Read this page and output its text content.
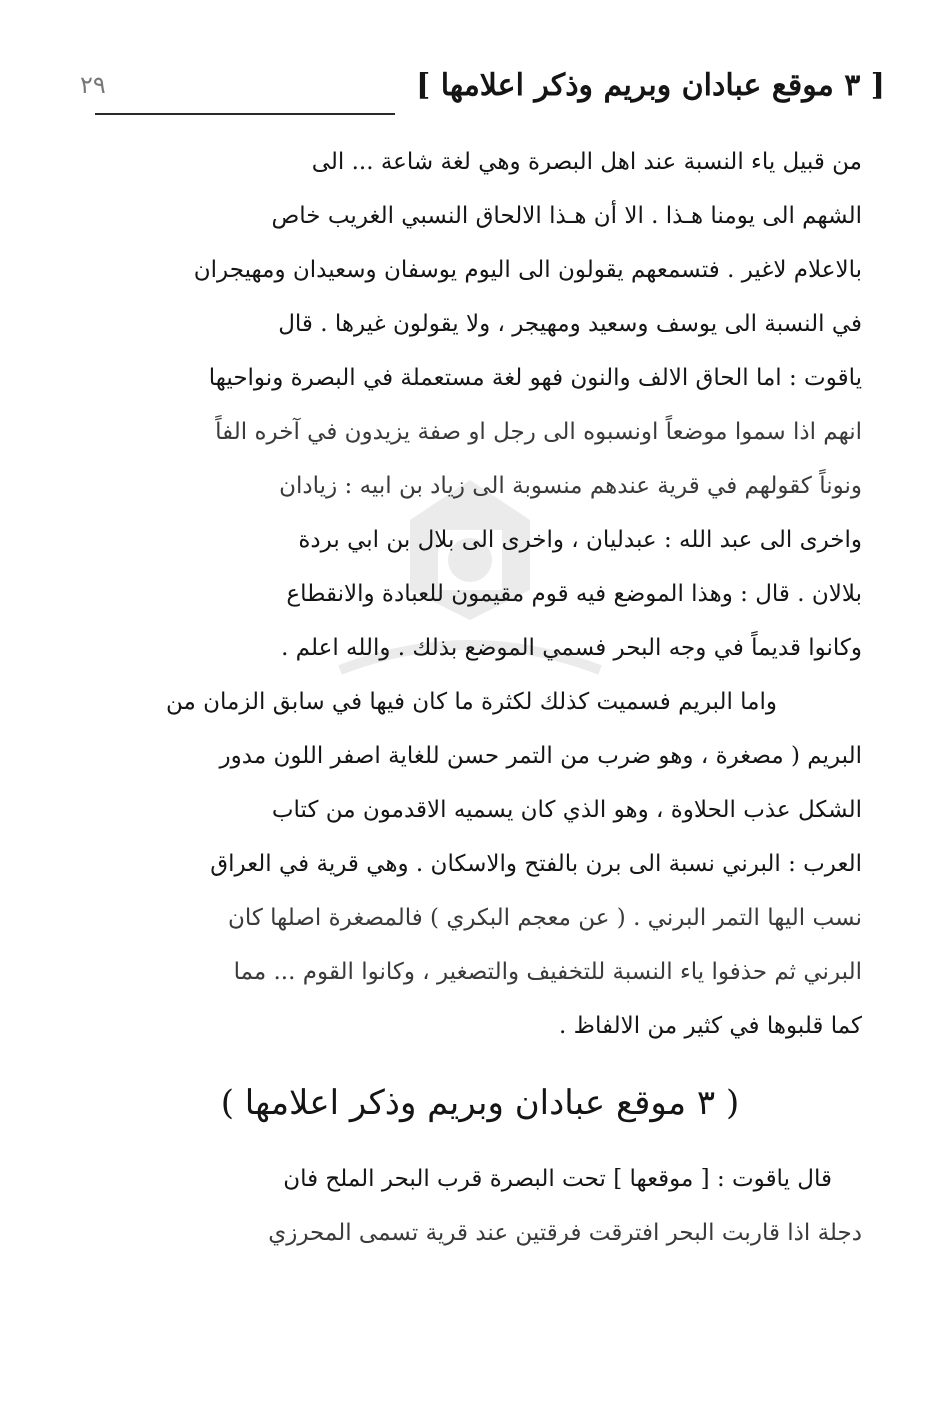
[ ٣ موقع عبادان وبريم وذكر اعلامها ]
٢٩
من قبيل ياء النسبة عند اهل البصرة وهي لغة شاعة ... الى
الشهم الى يومنا هـذا . الا أن هـذا الالحاق النسبي الغريب خاص
بالاعلام لاغير . فتسمعهم يقولون الى اليوم يوسفان وسعيدان ومهيجران
في النسبة الى يوسف وسعيد ومهيجر ، ولا يقولون غيرها . قال
ياقوت : اما الحاق الالف والنون فهو لغة مستعملة في البصرة ونواحيها
انهم اذا سموا موضعاً اونسبوه الى رجل او صفة يزيدون في آخره الفاً
ونوناً كقولهم في قرية عندهم منسوبة الى زياد بن ابيه : زيادان
واخرى الى عبد الله : عبدليان ، واخرى الى بلال بن ابي بردة
بلالان . قال : وهذا الموضع فيه قوم مقيمون للعبادة والانقطاع
وكانوا قديماً في وجه البحر فسمي الموضع بذلك . والله اعلم .
واما البريم فسميت كذلك لكثرة ما كان فيها في سابق الزمان من
البريم ( مصغرة ، وهو ضرب من التمر حسن للغاية اصفر اللون مدور
الشكل عذب الحلاوة ، وهو الذي كان يسميه الاقدمون من كتاب
العرب : البرني نسبة الى برن بالفتح والاسكان . وهي قرية في العراق
نسب اليها التمر البرني . ( عن معجم البكري ) فالمصغرة اصلها كان
البرني ثم حذفوا ياء النسبة للتخفيف والتصغير ، وكانوا القوم ... مما
كما قلبوها في كثير من الالفاظ .
( ٣ موقع عبادان وبريم وذكر اعلامها )
قال ياقوت : [ موقعها ] تحت البصرة قرب البحر الملح فان
دجلة اذا قاربت البحر افترقت فرقتين عند قرية تسمى المحرزي
